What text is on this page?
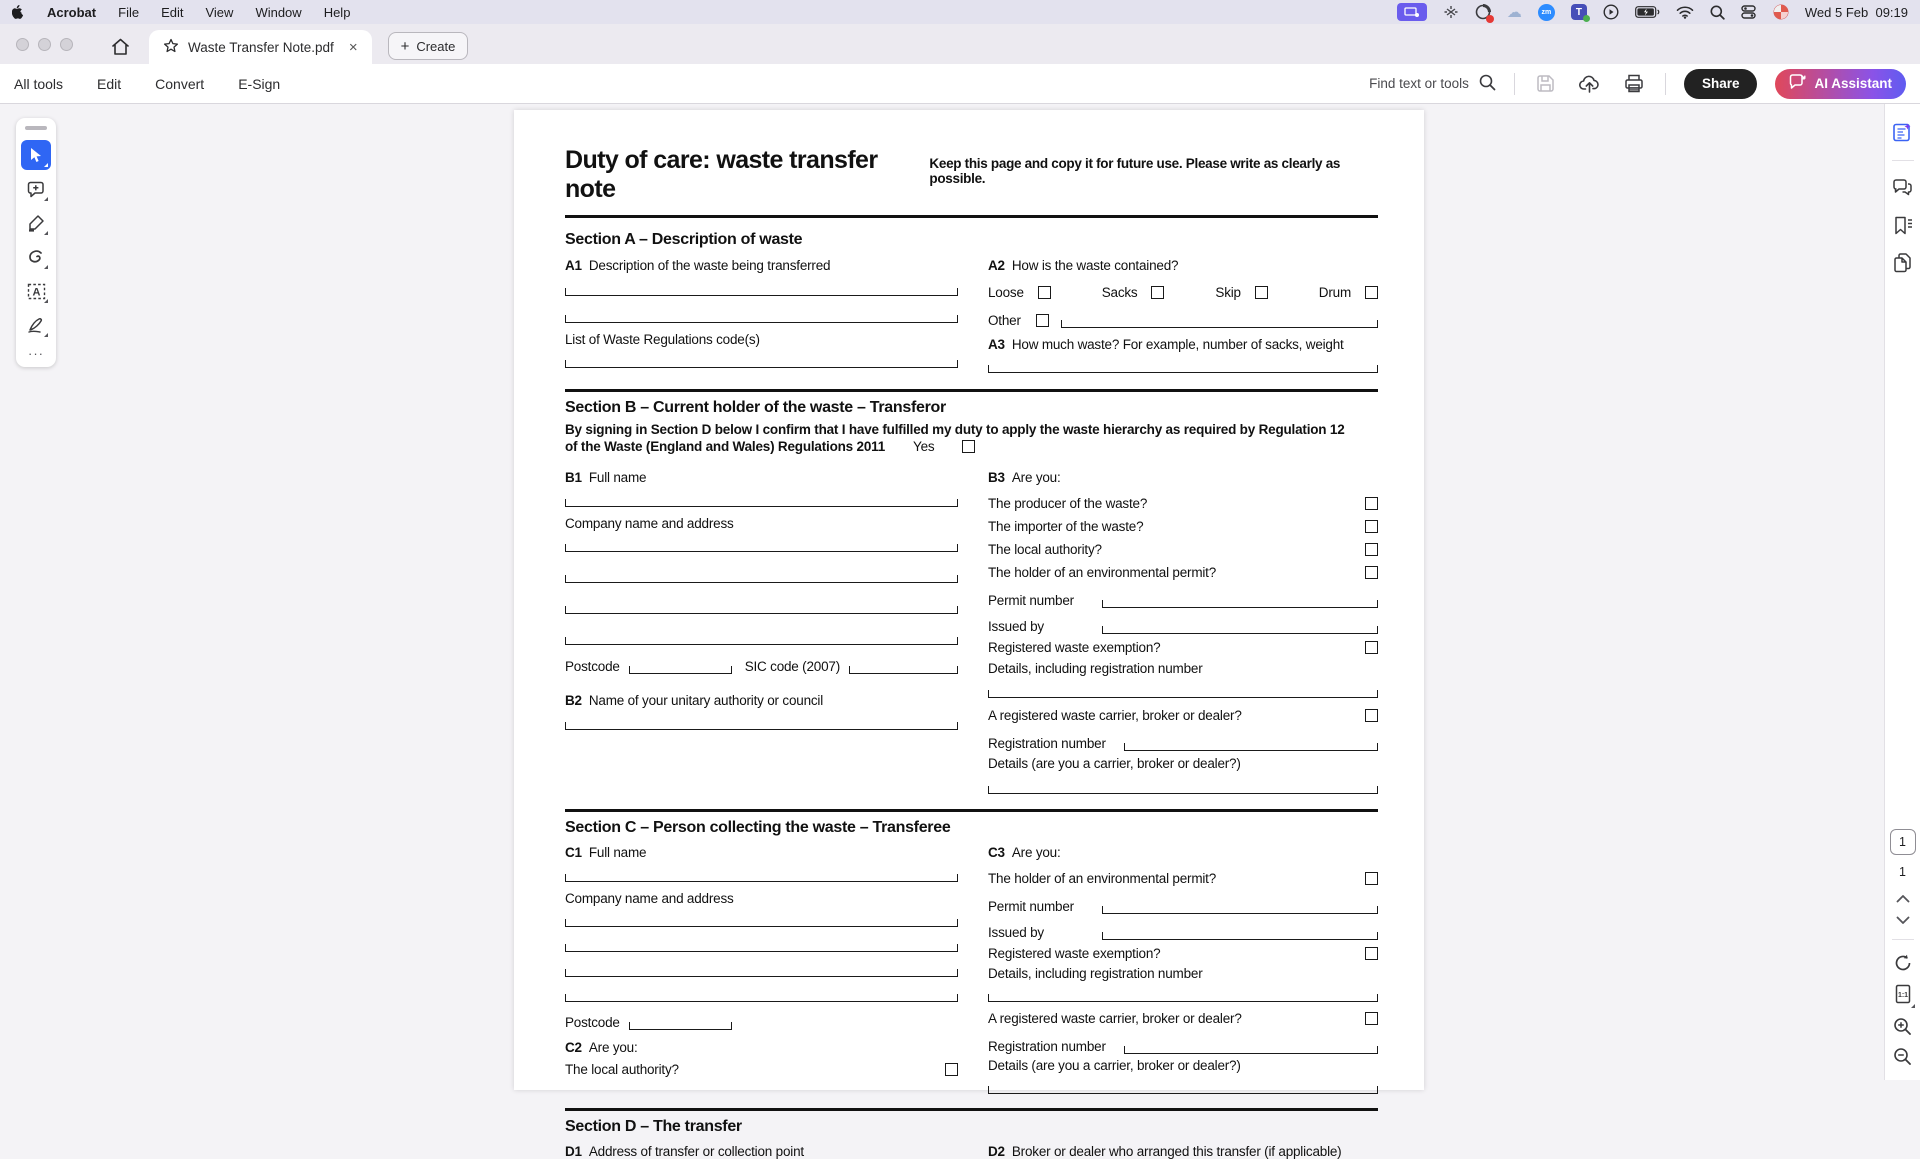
Acrobat File Edit View Window Help	☁	zm	T	Wed 5 Feb  09:19
Waste Transfer Note.pdf ×	+ Create
All tools Edit Convert E-Sign	Find text or tools	Share	AI Assistant
A
···
Duty of care: waste transfer note
Keep this page and copy it for future use. Please write as clearly as possible.
Section A – Description of waste
A1 Description of the waste being transferred
List of Waste Regulations code(s)
A2 How is the waste contained?
Loose	Sacks	Skip	Drum
Other
A3 How much waste? For example, number of sacks, weight
Section B – Current holder of the waste – Transferor
By signing in Section D below I confirm that I have fulfilled my duty to apply the waste hierarchy as required by Regulation 12
of the Waste (England and Wales) Regulations 2011 Yes
B1 Full name
Company name and address
Postcode	SIC code (2007)
B2 Name of your unitary authority or council
B3 Are you:
The producer of the waste?
The importer of the waste?
The local authority?
The holder of an environmental permit?
Permit number
Issued by
Registered waste exemption?
Details, including registration number
A registered waste carrier, broker or dealer?
Registration number
Details (are you a carrier, broker or dealer?)
Section C – Person collecting the waste – Transferee
C1 Full name
Company name and address
Postcode
C2 Are you:
The local authority?
C3 Are you:
The holder of an environmental permit?
Permit number
Issued by
Registered waste exemption?
Details, including registration number
A registered waste carrier, broker or dealer?
Registration number
Details (are you a carrier, broker or dealer?)
Section D – The transfer
D1 Address of transfer or collection point	D2 Broker or dealer who arranged this transfer (if applicable)
1
1
1:1
